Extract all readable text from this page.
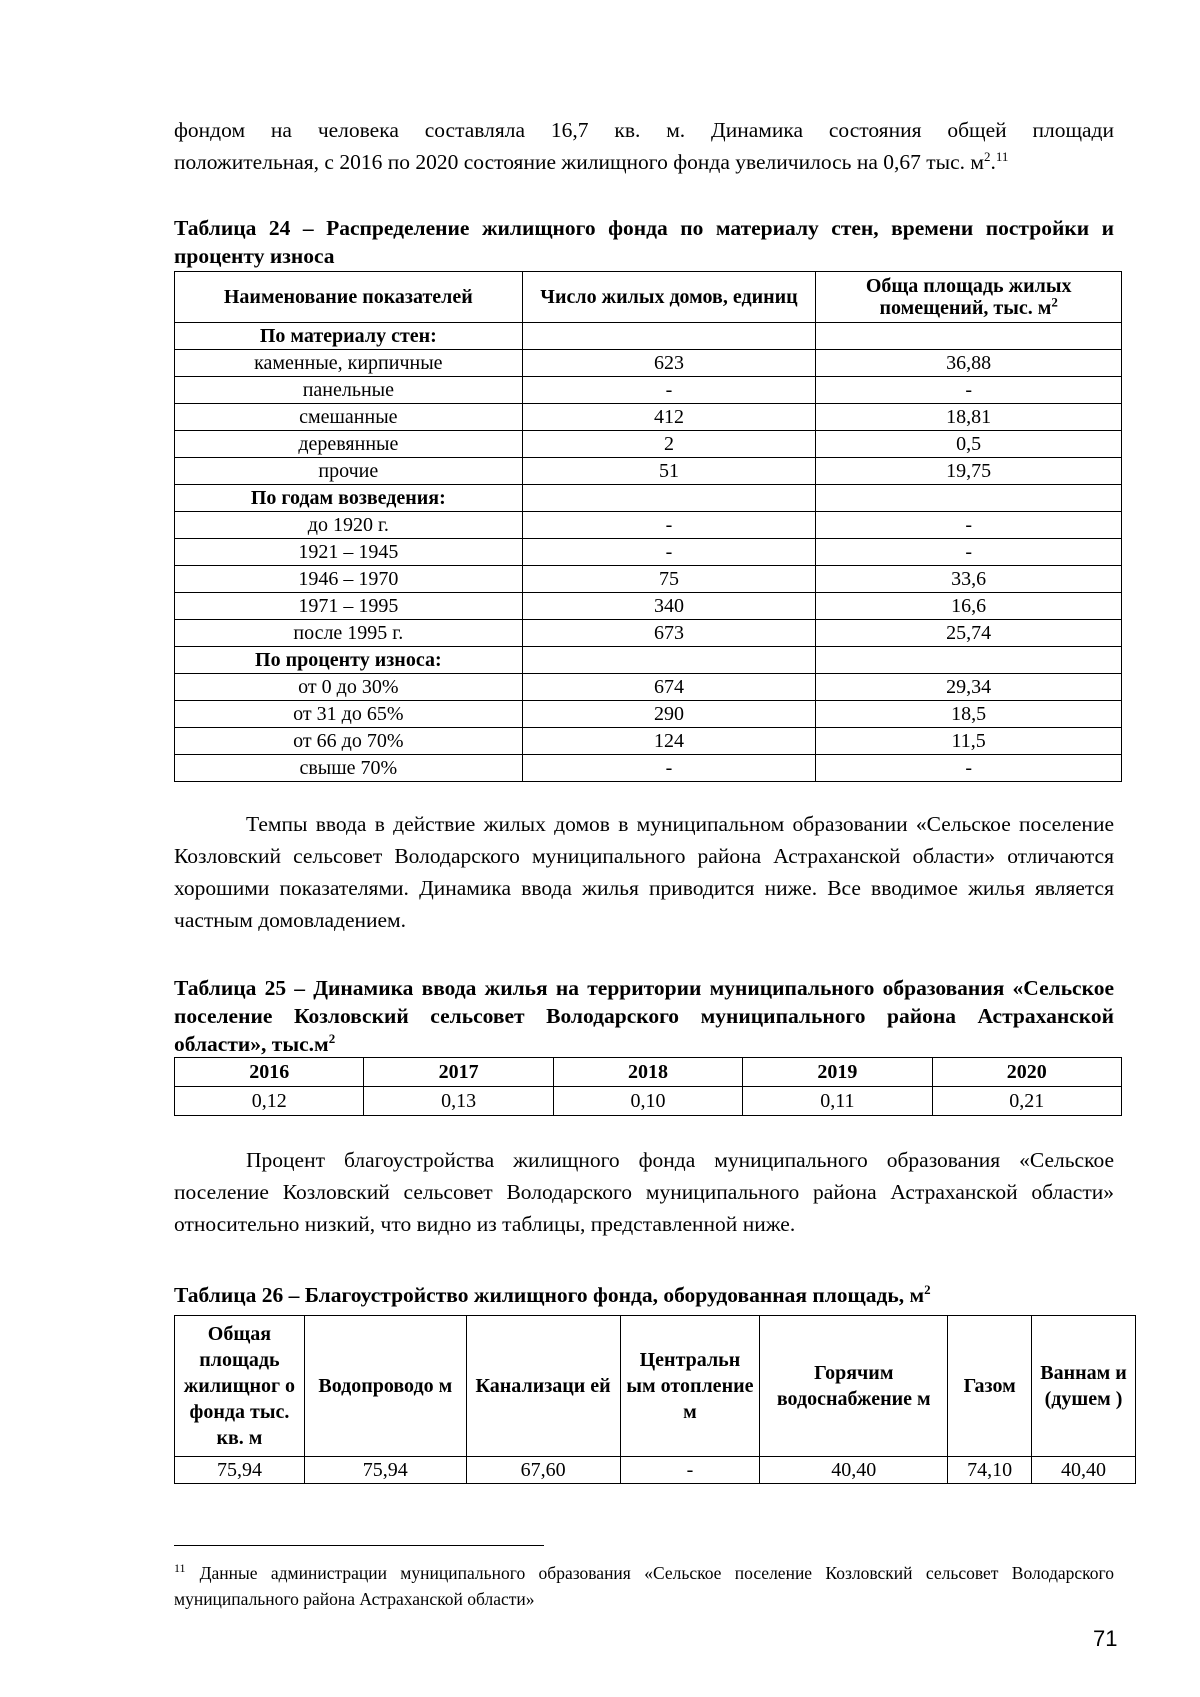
фондом на человека составляла 16,7 кв. м. Динамика состояния общей площади
положительная, с 2016 по 2020 состояние жилищного фонда увеличилось на 0,67 тыс. $м^2.^{11}$

Таблица 24 – Распределение жилищного фонда по материалу стен, времени постройки и проценту износа

Наименование показателей	Число жилых домов, единиц	Обща площадь жилых помещений, тыс. $м^2$
По материалу стен:		
каменные, кирпичные	623	36,88
панельные	-	-
смешанные	412	18,81
деревянные	2	0,5
прочие	51	19,75
По годам возведения:		
до 1920 г.	-	-
1921 – 1945	-	-
1946 – 1970	75	33,6
1971 – 1995	340	16,6
после 1995 г.	673	25,74
По проценту износа:		
от 0 до 30%	674	29,34
от 31 до 65%	290	18,5
от 66 до 70%	124	11,5
свыше 70%	-	-

Темпы ввода в действие жилых домов в муниципальном образовании «Сельское поселение Козловский сельсовет Володарского муниципального района Астраханской области» отличаются хорошими показателями. Динамика ввода жилья приводится ниже. Все вводимое жилья является частным домовладением.

Таблица 25 – Динамика ввода жилья на территории муниципального образования «Сельское поселение Козловский сельсовет Володарского муниципального района Астраханской области», $тыс.м^2$

2016	2017	2018	2019	2020
0,12	0,13	0,10	0,11	0,21

Процент благоустройства жилищного фонда муниципального образования «Сельское поселение Козловский сельсовет Володарского муниципального района Астраханской области» относительно низкий, что видно из таблицы, представленной ниже.

Таблица 26 – Благоустройство жилищного фонда, оборудованная площадь, $м^2$

Общая площадь жилищног о фонда тыс. кв. м	Водопроводо м	Канализаци ей	Центральн ым отопление м	Горячим водоснабжение м	Газом	Ваннам и (душем )
75,94	75,94	67,60	-	40,40	74,10	40,40

$^{11}$ Данные администрации муниципального образования «Сельское поселение Козловский сельсовет Володарского муниципального района Астраханской области»

71
